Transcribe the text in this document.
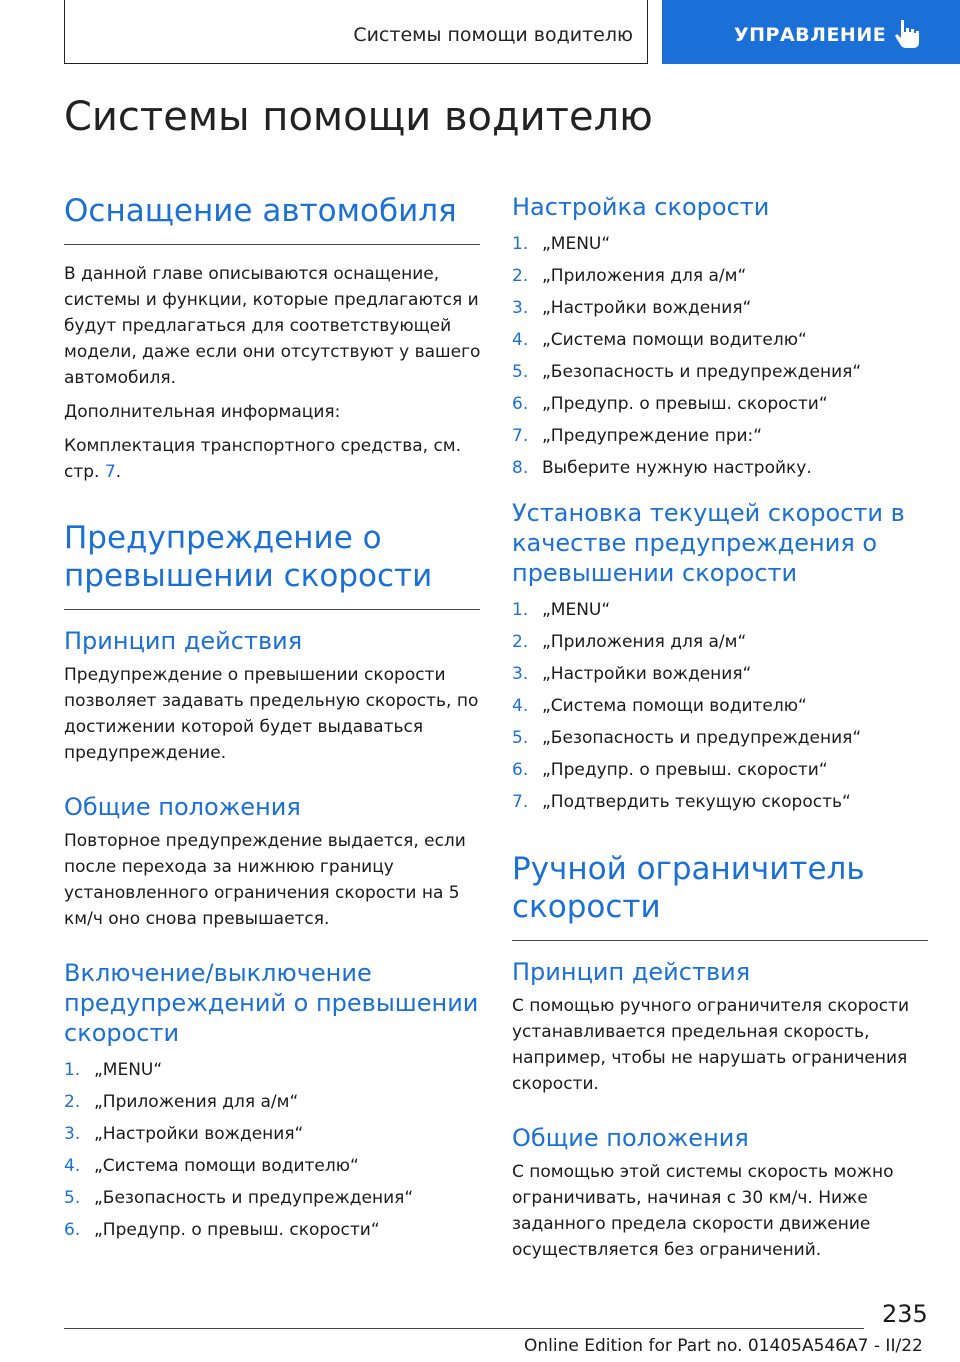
Системы помощи водителю	УПРАВЛЕНИЕ
Системы помощи водителю
Оснащение автомобиля

В данной главе описываются оснащение, системы и функции, которые предлагаются и будут предлагаться для соответствующей модели, даже если они отсутствуют у вашего автомобиля.

Дополнительная информация:

Комплектация транспортного средства, см. стр. 7.

Предупреждение о превышении скорости
Принцип действия

Предупреждение о превышении скорости позволяет задавать предельную скорость, по достижении которой будет выдаваться предупреждение.

Общие положения

Повторное предупреждение выдается, если после перехода за нижнюю границу установленного ограничения скорости на 5 км/ч оно снова превышается.

Включение/выключение предупреждений о превышении скорости
1. „MENU“
2. „Приложения для а/м“
3. „Настройки вождения“
4. „Система помощи водителю“
5. „Безопасность и предупреждения“
6. „Предупр. о превыш. скорости“
Настройка скорости
1. „MENU“
2. „Приложения для а/м“
3. „Настройки вождения“
4. „Система помощи водителю“
5. „Безопасность и предупреждения“
6. „Предупр. о превыш. скорости“
7. „Предупреждение при:“
8. Выберите нужную настройку.
Установка текущей скорости в качестве предупреждения о превышении скорости
1. „MENU“
2. „Приложения для а/м“
3. „Настройки вождения“
4. „Система помощи водителю“
5. „Безопасность и предупреждения“
6. „Предупр. о превыш. скорости“
7. „Подтвердить текущую скорость“
Ручной ограничитель скорости
Принцип действия

С помощью ручного ограничителя скорости устанавливается предельная скорость, например, чтобы не нарушать ограничения скорости.

Общие положения

С помощью этой системы скорость можно ограничивать, начиная с 30 км/ч. Ниже заданного предела скорости движение осуществляется без ограничений.

235
Online Edition for Part no. 01405A546A7 - II/22
